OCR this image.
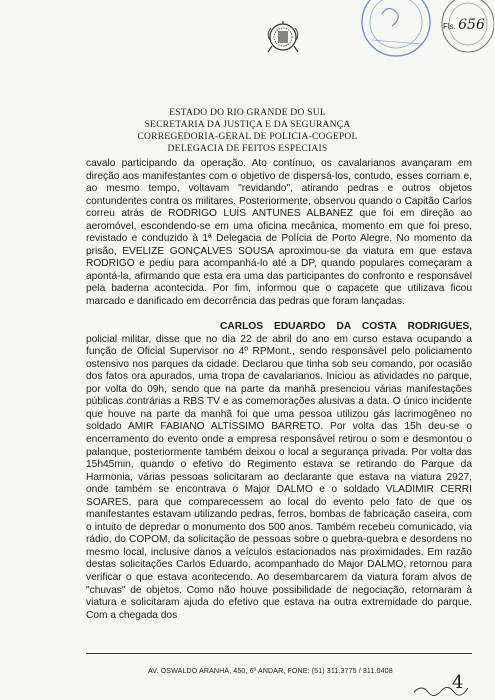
Fls. 656
ESTADO DO RIO GRANDE DO SUL
SECRETARIA DA JUSTIÇA E DA SEGURANÇA
CORREGEDORIA-GERAL DE POLICIA-COGEPOL
DELEGACIA DE FEITOS ESPECIAIS

cavalo participando da operação. Ato contínuo, os cavalarianos avançaram em direção aos manifestantes com o objetivo de dispersá-los, contudo, esses corriam e, ao mesmo tempo, voltavam "revidando", atirando pedras e outros objetos contundentes contra os militares. Posteriormente, observou quando o Capitão Carlos correu atrás de RODRIGO LUÍS ANTUNES ALBANEZ que foi em direção ao aeromóvel, escondendo-se em uma oficina mecânica, momento em que foi preso, revistado e conduzido à 1ª Delegacia de Polícia de Porto Alegre. No momento da prisão, EVELIZE GONÇALVES SOUSA aproximou-se da viatura em que estava RODRIGO e pediu para acompanhá-lo até a DP, quando populares começaram a apontá-la, afirmando que esta era uma das participantes do confronto e responsável pela baderna acontecida. Por fim, informou que o capacete que utilizava ficou marcado e danificado em decorrência das pedras que foram lançadas.

CARLOS EDUARDO DA COSTA RODRIGUES, policial militar, disse que no dia 22 de abril do ano em curso estava ocupando a função de Oficial Supervisor no 4º RPMont., sendo responsável pelo policiamento ostensivo nos parques da cidade. Declarou que tinha sob seu comando, por ocasião dos fatos ora apurados, uma tropa de cavalarianos. Iniciou as atividades no parque, por volta do 09h, sendo que na parte da manhã presenciou várias manifestações públicas contrárias a RBS TV e as comemorações alusivas a data. O único incidente que houve na parte da manhã foi que uma pessoa utilizou gás lacrimogêneo no soldado AMIR FABIANO ALTÍSSIMO BARRETO. Por volta das 15h deu-se o encerramento do evento onde a empresa responsável retirou o som e desmontou o palanque, posteriormente também deixou o local a segurança privada. Por volta das 15h45min, quando o efetivo do Regimento estava se retirando do Parque da Harmonia, várias pessoas solicitaram ao declarante que estava na viatura 2927, onde também se encontrava o Major DALMO e o soldado VLADIMIR CERRI SOARES, para que comparecessem ao local do evento pelo fato de que os manifestantes estavam utilizando pedras, ferros, bombas de fabricação caseira, com o intuito de depredar o monumento dos 500 anos. Também recebeu comunicado, via rádio, do COPOM, da solicitação de pessoas sobre o quebra-quebra e desordens no mesmo local, inclusive danos a veículos estacionados nas proximidades. Em razão destas solicitações Carlos Eduardo, acompanhado do Major DALMO, retornou para verificar o que estava acontecendo. Ao desembarcarem da viatura foram alvos de "chuvas" de objetos. Como não houve possibilidade de negociação, retornaram à viatura e solicitaram ajuda do efetivo que estava na outra extremidade do parque. Com a chegada dos

AV. OSWALDO ARANHA, 450, 6º ANDAR, FONE: (51) 311.3775 / 311.0408
4
